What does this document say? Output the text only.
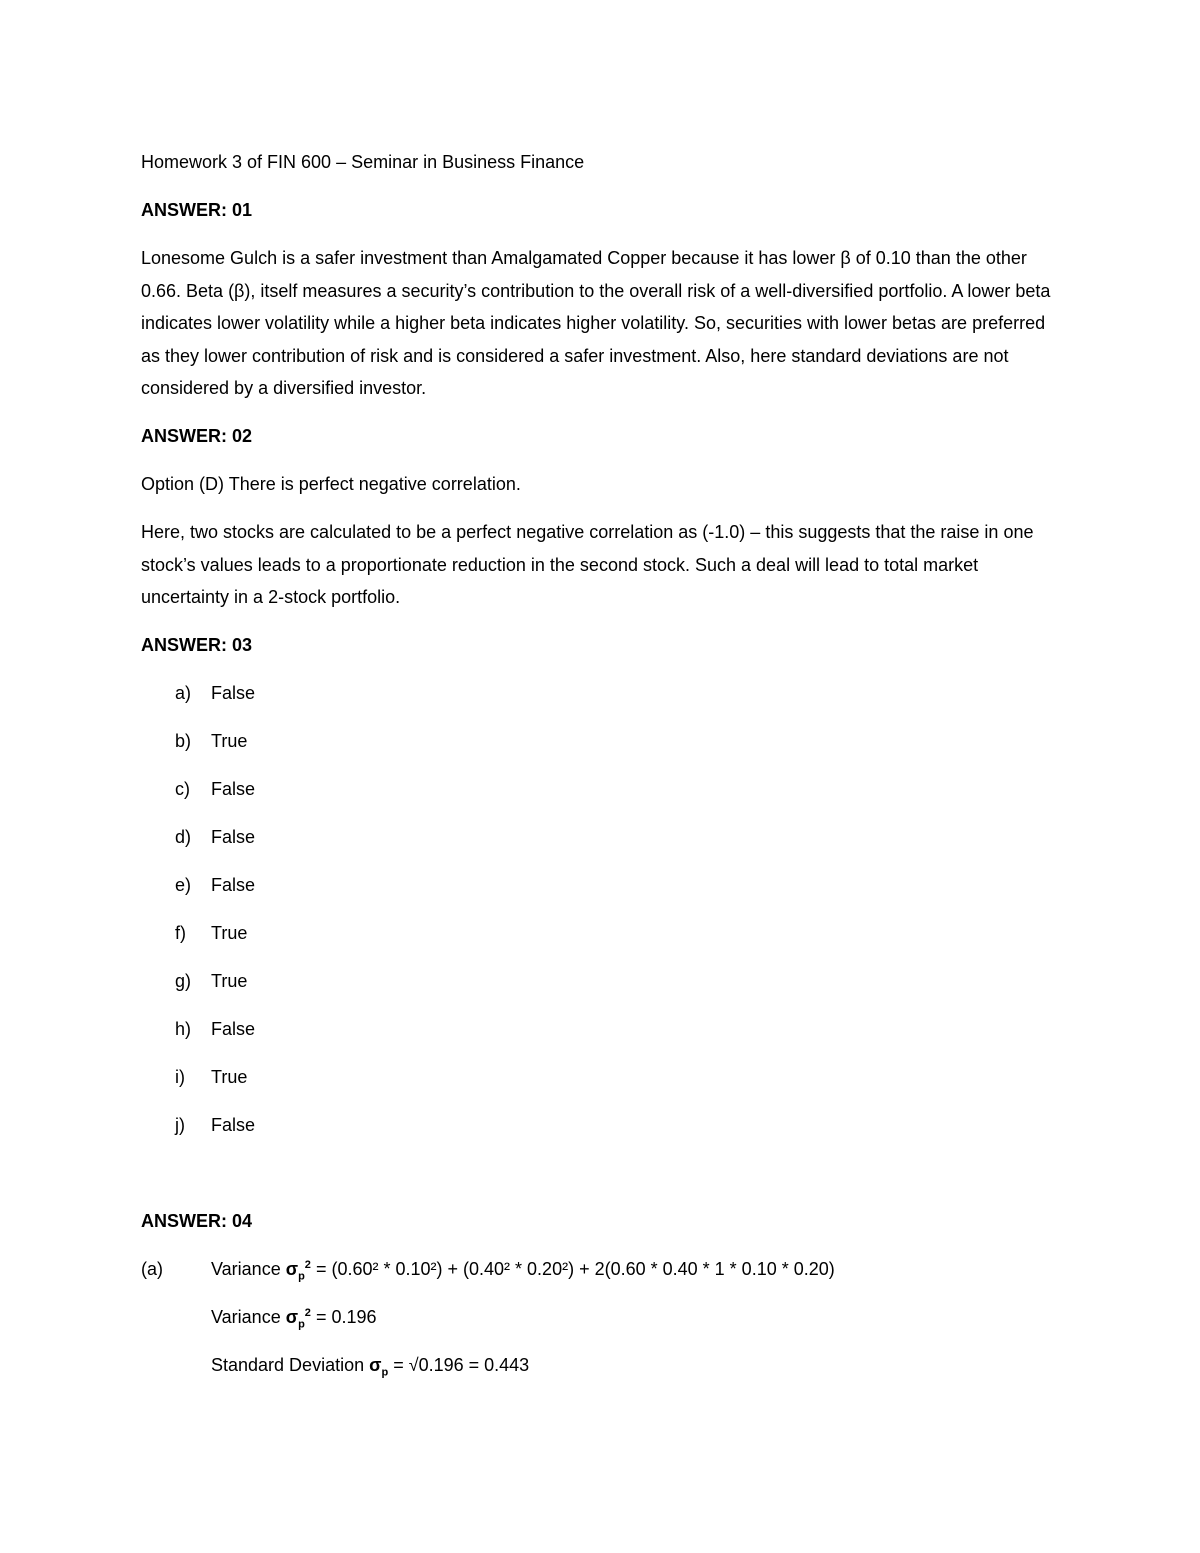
Homework 3 of FIN 600 – Seminar in Business Finance
ANSWER: 01
Lonesome Gulch is a safer investment than Amalgamated Copper because it has lower β of 0.10 than the other 0.66. Beta (β), itself measures a security’s contribution to the overall risk of a well-diversified portfolio. A lower beta indicates lower volatility while a higher beta indicates higher volatility. So, securities with lower betas are preferred as they lower contribution of risk and is considered a safer investment. Also, here standard deviations are not considered by a diversified investor.
ANSWER: 02
Option (D) There is perfect negative correlation.
Here, two stocks are calculated to be a perfect negative correlation as (-1.0) – this suggests that the raise in one stock’s values leads to a proportionate reduction in the second stock. Such a deal will lead to total market uncertainty in a 2-stock portfolio.
ANSWER: 03
a) False
b) True
c) False
d) False
e) False
f) True
g) True
h) False
i) True
j) False
ANSWER: 04
(a)	Variance $\sigma_p^2 = (0.60^2 * 0.10^2) + (0.40^2 * 0.20^2) + 2(0.60 * 0.40 * 1 * 0.10 * 0.20)$
Variance $\sigma_p^2 = 0.196$
Standard Deviation $\sigma_p = √0.196 = 0.443$
